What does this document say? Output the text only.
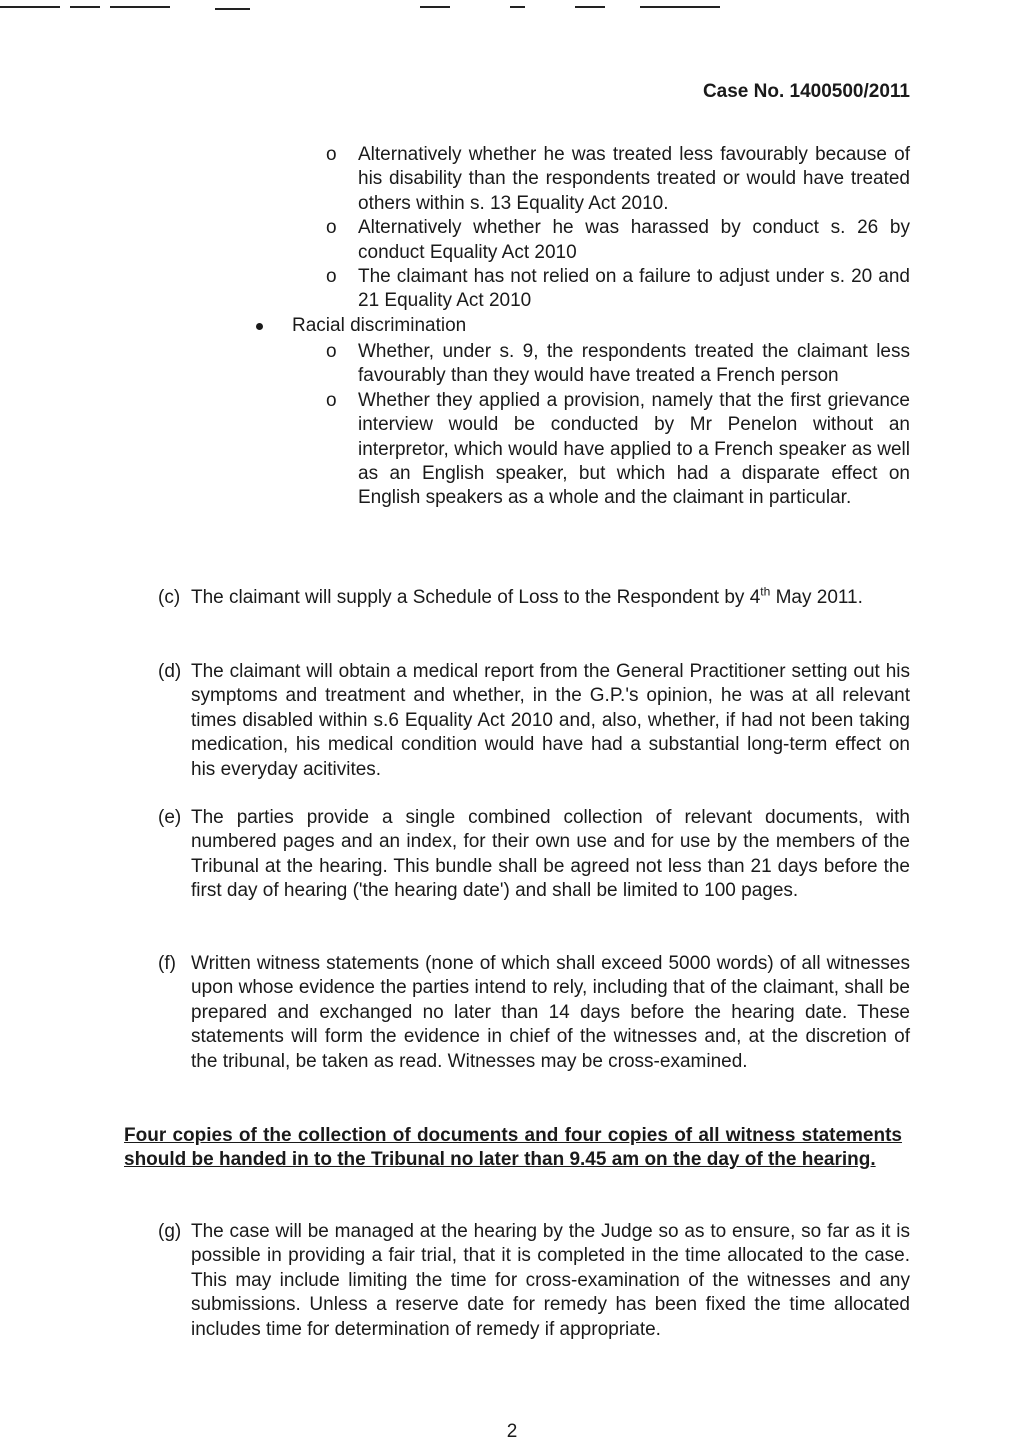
Case No. 1400500/2011
o Alternatively whether he was treated less favourably because of his disability than the respondents treated or would have treated others within s. 13 Equality Act 2010.
o Alternatively whether he was harassed by conduct s. 26 by conduct Equality Act 2010
o The claimant has not relied on a failure to adjust under s. 20 and 21 Equality Act 2010
Racial discrimination
o Whether, under s. 9, the respondents treated the claimant less favourably than they would have treated a French person
o Whether they applied a provision, namely that the first grievance interview would be conducted by Mr Penelon without an interpretor, which would have applied to a French speaker as well as an English speaker, but which had a disparate effect on English speakers as a whole and the claimant in particular.
(c) The claimant will supply a Schedule of Loss to the Respondent by 4th May 2011.
(d) The claimant will obtain a medical report from the General Practitioner setting out his symptoms and treatment and whether, in the G.P.'s opinion, he was at all relevant times disabled within s.6 Equality Act 2010 and, also, whether, if had not been taking medication, his medical condition would have had a substantial long-term effect on his everyday acitivites.
(e) The parties provide a single combined collection of relevant documents, with numbered pages and an index, for their own use and for use by the members of the Tribunal at the hearing. This bundle shall be agreed not less than 21 days before the first day of hearing ('the hearing date') and shall be limited to 100 pages.
(f) Written witness statements (none of which shall exceed 5000 words) of all witnesses upon whose evidence the parties intend to rely, including that of the claimant, shall be prepared and exchanged no later than 14 days before the hearing date. These statements will form the evidence in chief of the witnesses and, at the discretion of the tribunal, be taken as read. Witnesses may be cross-examined.
Four copies of the collection of documents and four copies of all witness statements should be handed in to the Tribunal no later than 9.45 am on the day of the hearing.
(g) The case will be managed at the hearing by the Judge so as to ensure, so far as it is possible in providing a fair trial, that it is completed in the time allocated to the case. This may include limiting the time for cross-examination of the witnesses and any submissions. Unless a reserve date for remedy has been fixed the time allocated includes time for determination of remedy if appropriate.
2
